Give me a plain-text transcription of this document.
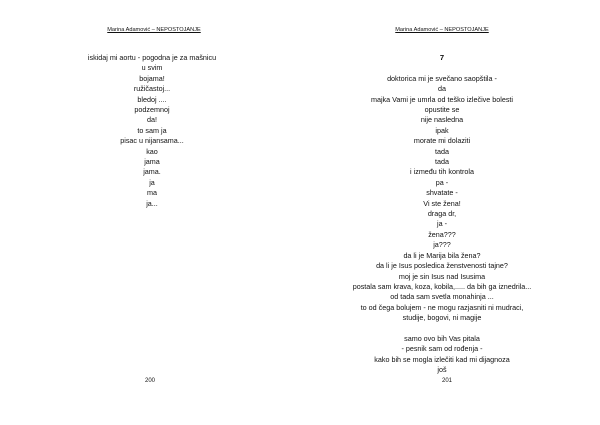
Marina Adamović – NEPOSTOJANJE
iskidaj mi aortu - pogodna je za mašnicu
u svim
bojama!
ružičastoj...
bledoj ....
podzemnoj
da!
to sam ja
pisac u nijansama...
kao
jama
jama.
ja
ma
ja...
200
Marina Adamović – NEPOSTOJANJE
7
doktorica mi je svečano saopštila -
da
majka Vami je umrla od teško izlečive bolesti
opustite se
nije nasledna
ipak
morate mi dolaziti
tada
tada
i između tih kontrola
pa -
shvatate -
Vi ste žena!
draga dr,
ja -
žena???
ja???
da li je Marija bila žena?
da li je Isus posledica ženstvenosti tajne?
moj je sin Isus nad Isusima
postala sam krava, koza, kobila,..... da bih ga iznedrila...
od tada sam svetla monahinja ...
to od čega bolujem - ne mogu razjasniti ni mudraci,
studije, bogovi, ni magije
samo ovo bih Vas pitala
- pesnik sam od rođenja -
kako bih se mogla izlečiti kad mi dijagnoza
još
201
